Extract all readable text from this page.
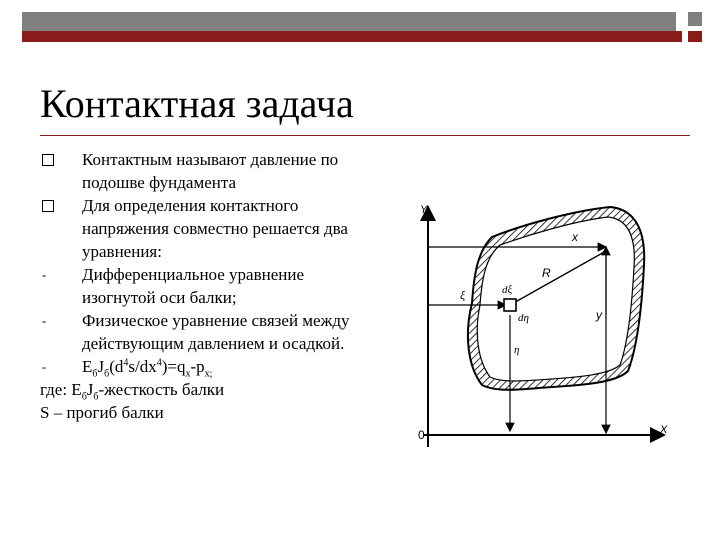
Контактная задача
Контактным называют давление по подошве фундамента
Для определения контактного напряжения совместно решается два уравнения:
-	Дифференциальное уравнение изогнутой оси балки;
-	Физическое уравнение связей между действующим давлением и осадкой.
-	$E_бJ_б(d^4s/dx^4)=q_x-p_{x;}$
где: $E_бJ_б$-жесткость балки
S – прогиб балки
Y
0	X
x
R
ξ	dξ
dη	y
η
